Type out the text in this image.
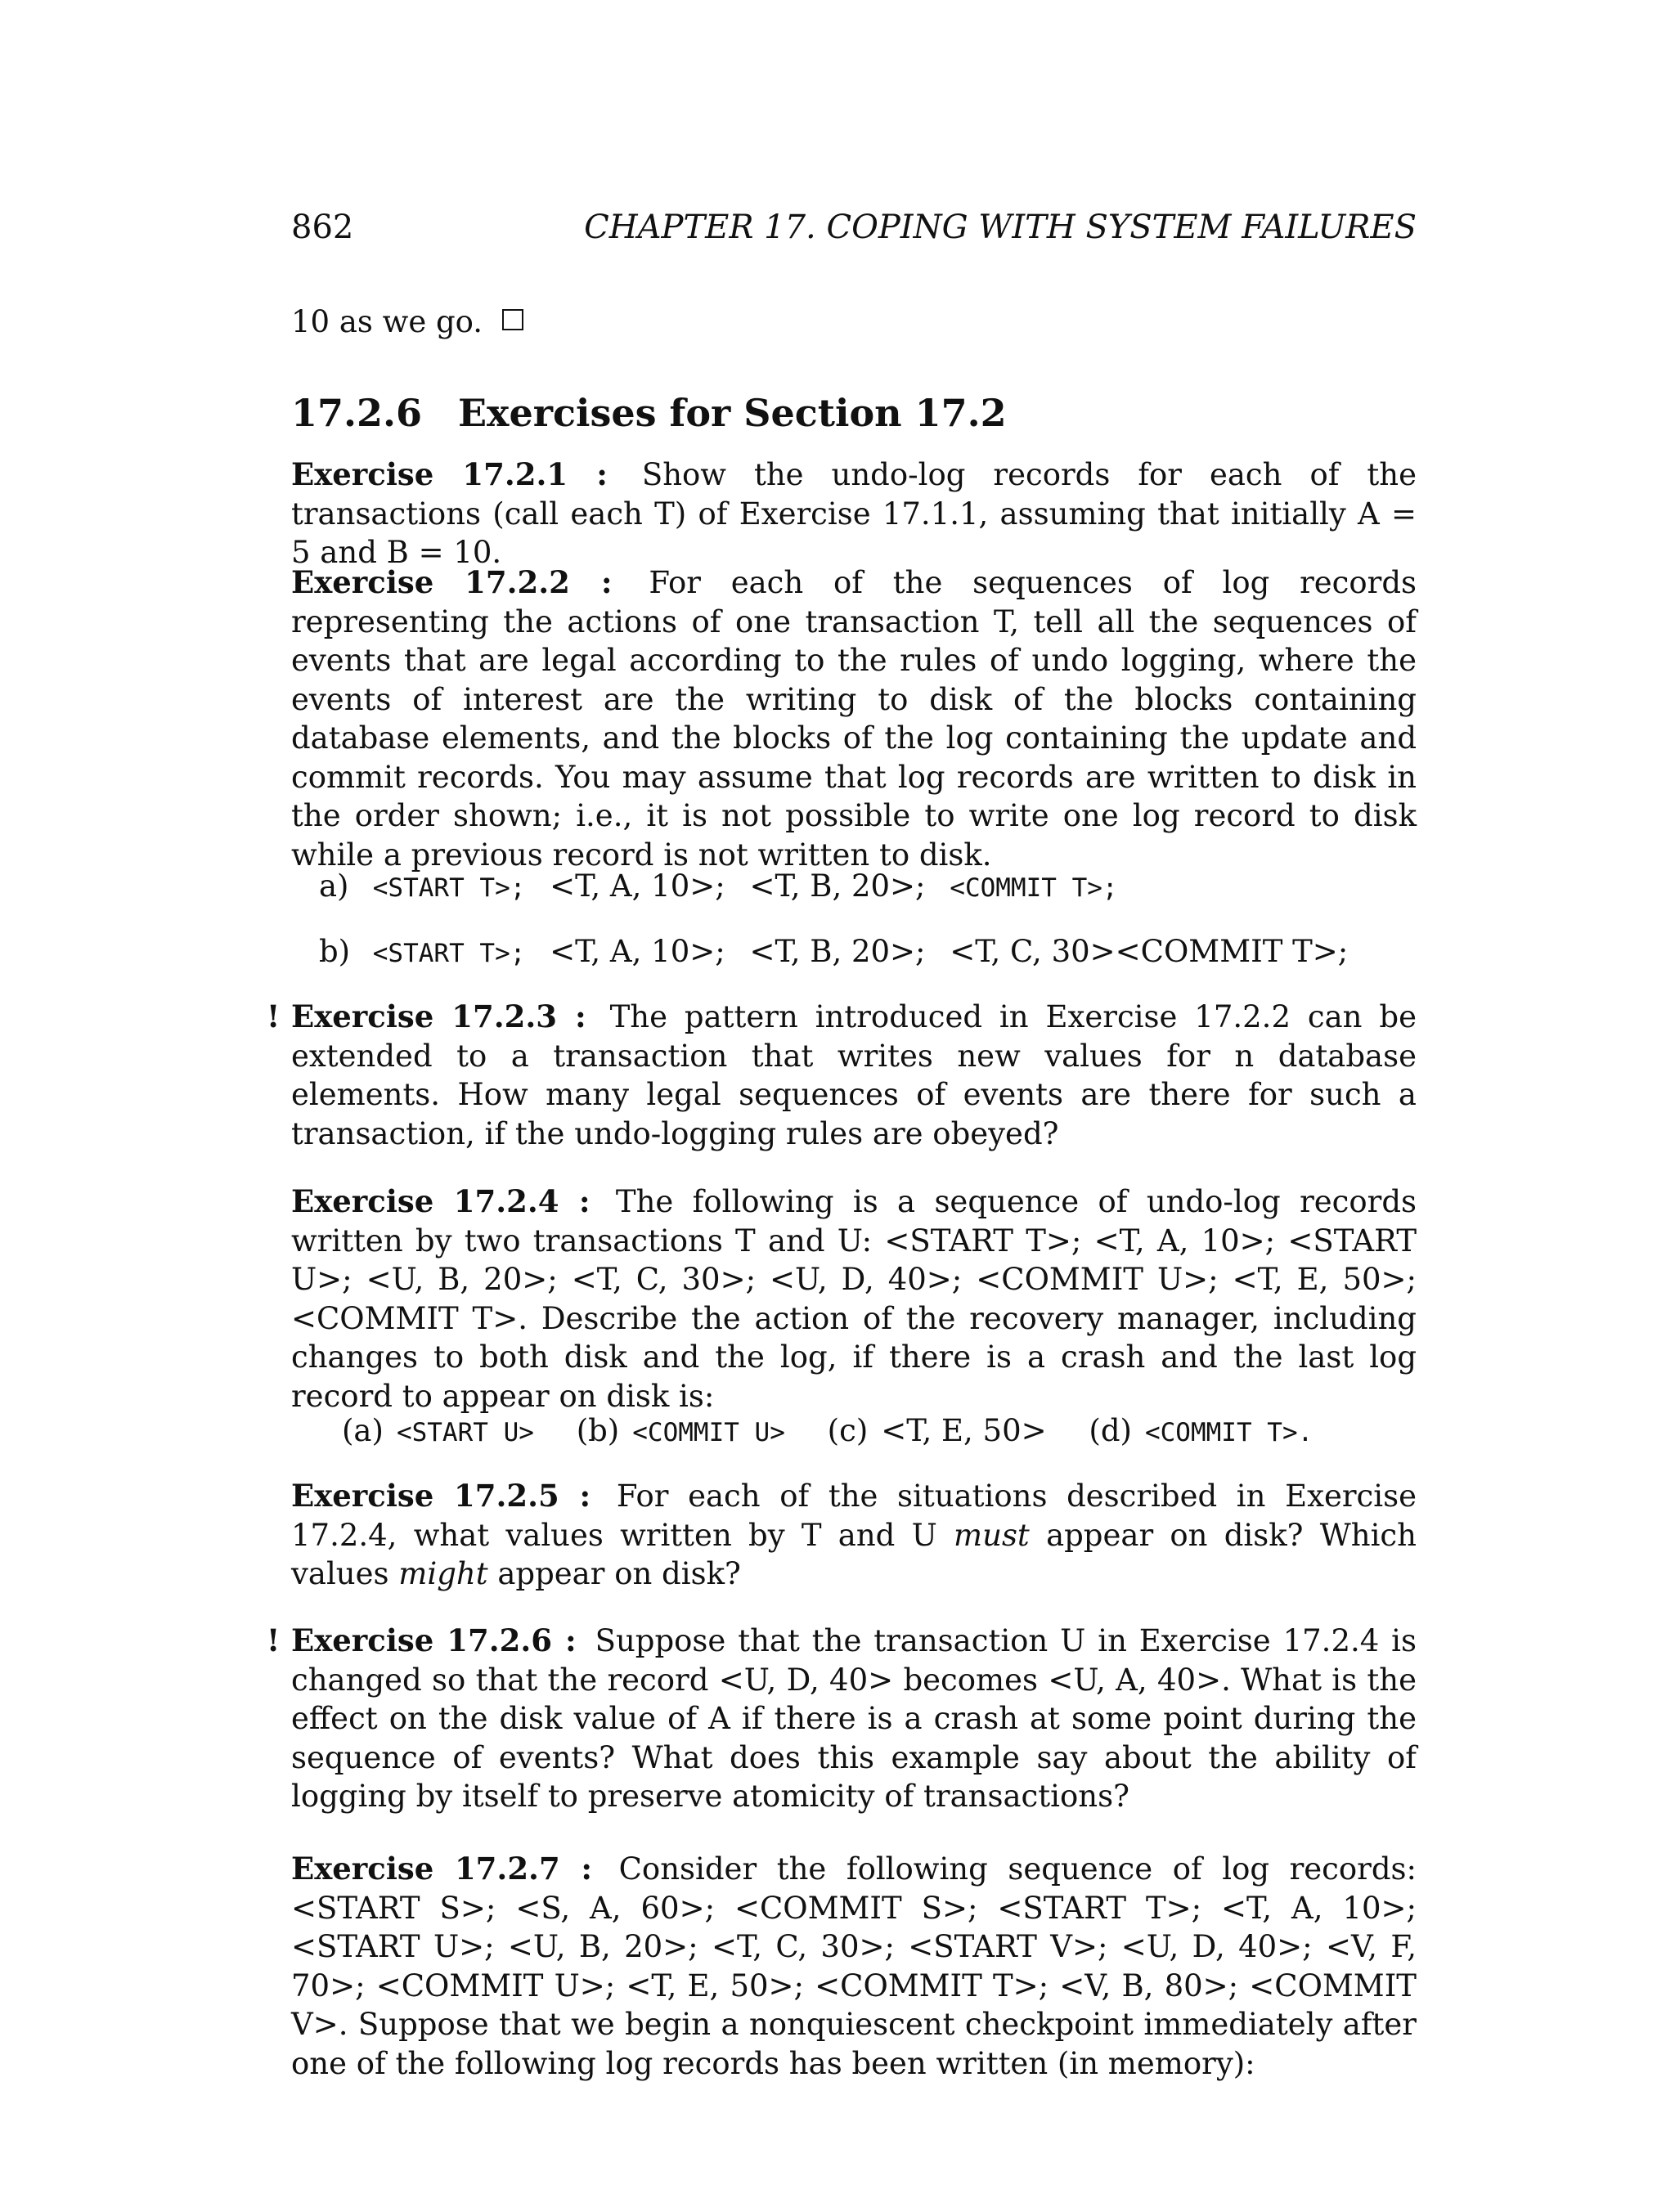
862	CHAPTER 17. COPING WITH SYSTEM FAILURES
10 as we go.
17.2.6 Exercises for Section 17.2
Exercise 17.2.1 : Show the undo-log records for each of the transactions (call each T) of Exercise 17.1.1, assuming that initially A = 5 and B = 10.
Exercise 17.2.2 : For each of the sequences of log records representing the actions of one transaction T, tell all the sequences of events that are legal according to the rules of undo logging, where the events of interest are the writing to disk of the blocks containing database elements, and the blocks of the log containing the update and commit records. You may assume that log records are written to disk in the order shown; i.e., it is not possible to write one log record to disk while a previous record is not written to disk.
a) <START T>; <T, A, 10>; <T, B, 20>; <COMMIT T>;
b) <START T>; <T, A, 10>; <T, B, 20>; <T, C, 30><COMMIT T>;
! Exercise 17.2.3 : The pattern introduced in Exercise 17.2.2 can be extended to a transaction that writes new values for n database elements. How many legal sequences of events are there for such a transaction, if the undo-logging rules are obeyed?
Exercise 17.2.4 : The following is a sequence of undo-log records written by two transactions T and U: <START T>; <T, A, 10>; <START U>; <U, B, 20>; <T, C, 30>; <U, D, 40>; <COMMIT U>; <T, E, 50>; <COMMIT T>. Describe the action of the recovery manager, including changes to both disk and the log, if there is a crash and the last log record to appear on disk is:
(a) <START U> (b) <COMMIT U> (c) <T, E, 50> (d) <COMMIT T>.
Exercise 17.2.5 : For each of the situations described in Exercise 17.2.4, what values written by T and U must appear on disk? Which values might appear on disk?
! Exercise 17.2.6 : Suppose that the transaction U in Exercise 17.2.4 is changed so that the record <U, D, 40> becomes <U, A, 40>. What is the effect on the disk value of A if there is a crash at some point during the sequence of events? What does this example say about the ability of logging by itself to preserve atomicity of transactions?
Exercise 17.2.7 : Consider the following sequence of log records: <START S>; <S, A, 60>; <COMMIT S>; <START T>; <T, A, 10>; <START U>; <U, B, 20>; <T, C, 30>; <START V>; <U, D, 40>; <V, F, 70>; <COMMIT U>; <T, E, 50>; <COMMIT T>; <V, B, 80>; <COMMIT V>. Suppose that we begin a nonquiescent checkpoint immediately after one of the following log records has been written (in memory):
